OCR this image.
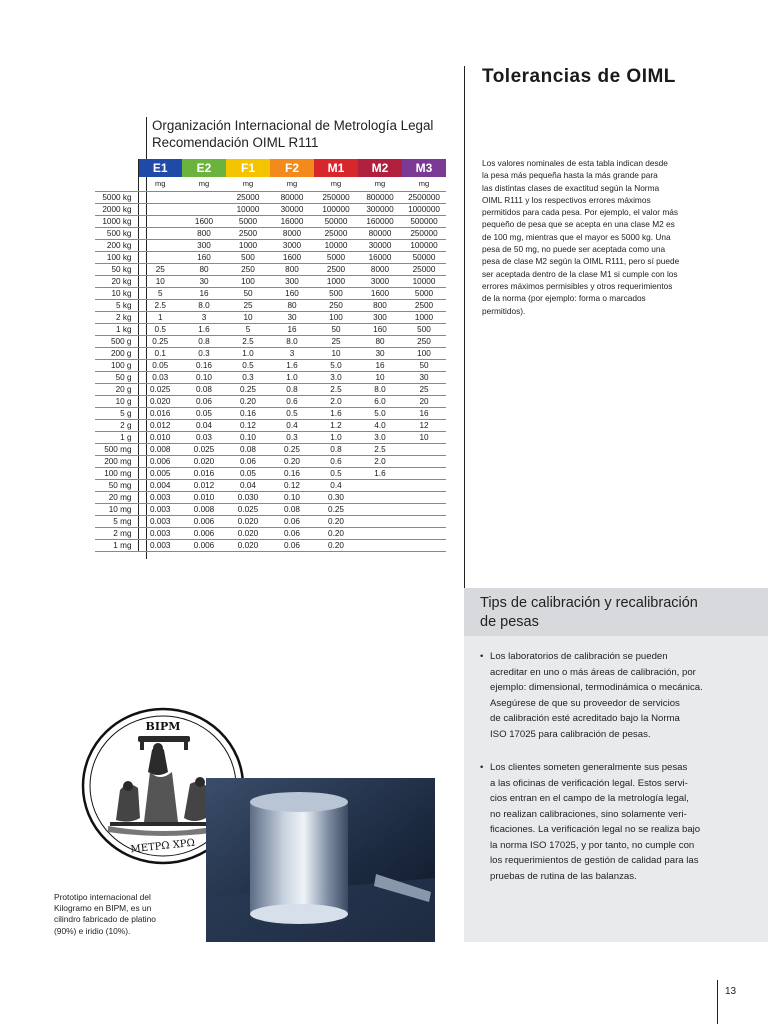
Tolerancias de OIML
Organización Internacional de Metrología Legal
Recomendación OIML R111
	E1	E2	F1	F2	M1	M2	M3
	mg	mg	mg	mg	mg	mg	mg
5000 kg			25000	80000	250000	800000	2500000
2000 kg			10000	30000	100000	300000	1000000
1000 kg		1600	5000	16000	50000	160000	500000
500 kg		800	2500	8000	25000	80000	250000
200 kg		300	1000	3000	10000	30000	100000
100 kg		160	500	1600	5000	16000	50000
50 kg	25	80	250	800	2500	8000	25000
20 kg	10	30	100	300	1000	3000	10000
10 kg	5	16	50	160	500	1600	5000
5 kg	2.5	8.0	25	80	250	800	2500
2 kg	1	3	10	30	100	300	1000
1 kg	0.5	1.6	5	16	50	160	500
500 g	0.25	0.8	2.5	8.0	25	80	250
200 g	0.1	0.3	1.0	3	10	30	100
100 g	0.05	0.16	0.5	1.6	5.0	16	50
50 g	0.03	0.10	0.3	1.0	3.0	10	30
20 g	0.025	0.08	0.25	0.8	2.5	8.0	25
10 g	0.020	0.06	0.20	0.6	2.0	6.0	20
5 g	0.016	0.05	0.16	0.5	1.6	5.0	16
2 g	0.012	0.04	0.12	0.4	1.2	4.0	12
1 g	0.010	0.03	0.10	0.3	1.0	3.0	10
500 mg	0.008	0.025	0.08	0.25	0.8	2.5	
200 mg	0.006	0.020	0.06	0.20	0.6	2.0	
100 mg	0.005	0.016	0.05	0.16	0.5	1.6	
50 mg	0.004	0.012	0.04	0.12	0.4		
20 mg	0.003	0.010	0.030	0.10	0.30		
10 mg	0.003	0.008	0.025	0.08	0.25		
5 mg	0.003	0.006	0.020	0.06	0.20		
2 mg	0.003	0.006	0.020	0.06	0.20		
1 mg	0.003	0.006	0.020	0.06	0.20		
Los valores nominales de esta tabla indican desde
la pesa más pequeña hasta la más grande para
las distintas clases de exactitud según la Norma
OIML R111 y los respectivos errores máximos
permitidos para cada pesa. Por ejemplo, el valor más
pequeño de pesa que se acepta en una clase M2 es
de 100 mg, mientras que el mayor es 5000 kg. Una
pesa de 50 mg, no puede ser aceptada como una
pesa de clase M2 según la OIML R111, pero sí puede
ser aceptada dentro de la clase M1 si cumple con los
errores máximos permisibles y otros requerimientos
de la norma (por ejemplo: forma o marcados
permitidos).
Tips de calibración y recalibración
de pesas
• Los laboratorios de calibración se pueden
acreditar en uno o más áreas de calibración, por
ejemplo: dimensional, termodinámica o mecánica.
Asegúrese de que su proveedor de servicios
de calibración esté acreditado bajo la Norma
ISO 17025 para calibración de pesas.
• Los clientes someten generalmente sus pesas
a las oficinas de verificación legal. Estos servi-
cios entran en el campo de la metrología legal,
no realizan calibraciones, sino solamente veri-
ficaciones. La verificación legal no se realiza bajo
la norma ISO 17025, y por tanto, no cumple con
los requerimientos de gestión de calidad para las
pruebas de rutina de las balanzas.
BIPM
ΜΕΤΡΩ ΧΡΩ
Prototipo internacional del
Kilogramo en BIPM, es un
cilindro fabricado de platino
(90%) e iridio (10%).
13
